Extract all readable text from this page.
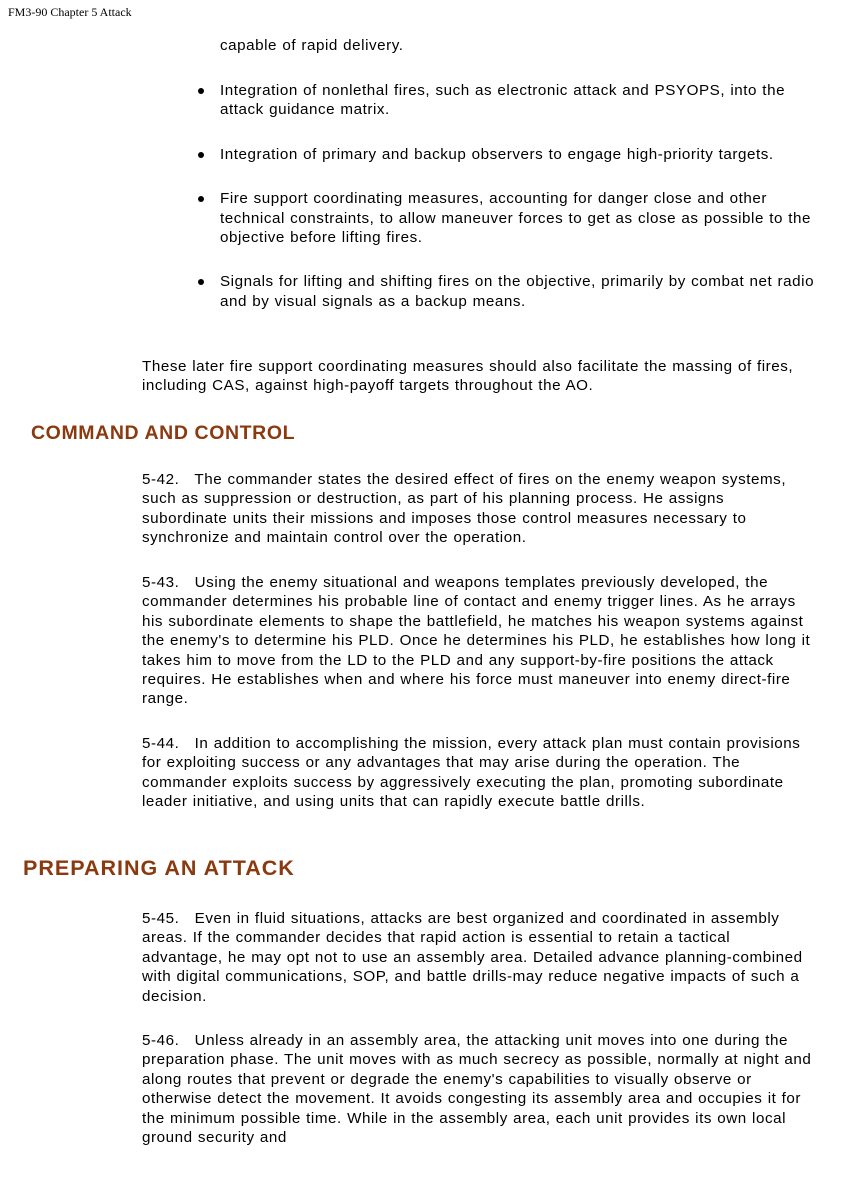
FM3-90 Chapter 5 Attack

capable of rapid delivery.

Integration of nonlethal fires, such as electronic attack and PSYOPS, into the attack guidance matrix.
Integration of primary and backup observers to engage high-priority targets.
Fire support coordinating measures, accounting for danger close and other technical constraints, to allow maneuver forces to get as close as possible to the objective before lifting fires.
Signals for lifting and shifting fires on the objective, primarily by combat net radio and by visual signals as a backup means.

These later fire support coordinating measures should also facilitate the massing of fires, including CAS, against high-payoff targets throughout the AO.

COMMAND AND CONTROL

5-42. The commander states the desired effect of fires on the enemy weapon systems, such as suppression or destruction, as part of his planning process. He assigns subordinate units their missions and imposes those control measures necessary to synchronize and maintain control over the operation.

5-43. Using the enemy situational and weapons templates previously developed, the commander determines his probable line of contact and enemy trigger lines. As he arrays his subordinate elements to shape the battlefield, he matches his weapon systems against the enemy's to determine his PLD. Once he determines his PLD, he establishes how long it takes him to move from the LD to the PLD and any support-by-fire positions the attack requires. He establishes when and where his force must maneuver into enemy direct-fire range.

5-44. In addition to accomplishing the mission, every attack plan must contain provisions for exploiting success or any advantages that may arise during the operation. The commander exploits success by aggressively executing the plan, promoting subordinate leader initiative, and using units that can rapidly execute battle drills.

PREPARING AN ATTACK

5-45. Even in fluid situations, attacks are best organized and coordinated in assembly areas. If the commander decides that rapid action is essential to retain a tactical advantage, he may opt not to use an assembly area. Detailed advance planning-combined with digital communications, SOP, and battle drills-may reduce negative impacts of such a decision.

5-46. Unless already in an assembly area, the attacking unit moves into one during the preparation phase. The unit moves with as much secrecy as possible, normally at night and along routes that prevent or degrade the enemy's capabilities to visually observe or otherwise detect the movement. It avoids congesting its assembly area and occupies it for the minimum possible time. While in the assembly area, each unit provides its own local ground security and
